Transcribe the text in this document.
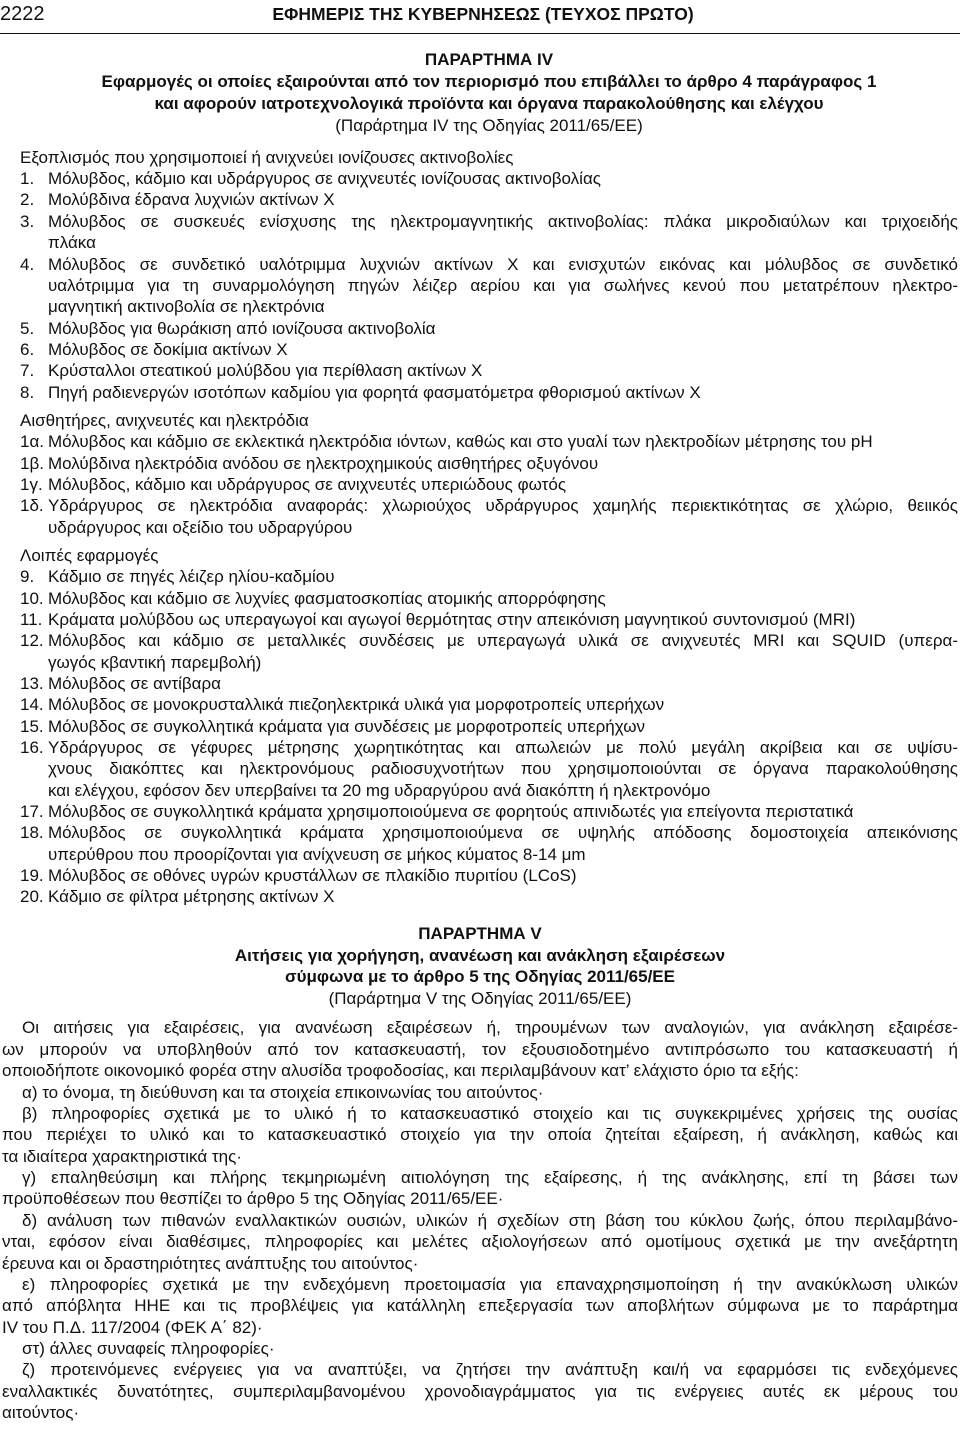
2222	ΕΦΗΜΕΡΙΣ ΤΗΣ ΚΥΒΕΡΝΗΣΕΩΣ (ΤΕΥΧΟΣ ΠΡΩΤΟ)
ΠΑΡΑΡΤΗΜΑ IV
Εφαρμογές οι οποίες εξαιρούνται από τον περιορισμό που επιβάλλει το άρθρο 4 παράγραφος 1
και αφορούν ιατροτεχνολογικά προϊόντα και όργανα παρακολούθησης και ελέγχου
(Παράρτημα IV της Οδηγίας 2011/65/ΕΕ)
Εξοπλισμός που χρησιμοποιεί ή ανιχνεύει ιονίζουσες ακτινοβολίες
1. Μόλυβδος, κάδμιο και υδράργυρος σε ανιχνευτές ιονίζουσας ακτινοβολίας
2. Μολύβδινα έδρανα λυχνιών ακτίνων Χ
3. Μόλυβδος σε συσκευές ενίσχυσης της ηλεκτρομαγνητικής ακτινοβολίας: πλάκα μικροδιαύλων και τριχοειδής
πλάκα
4. Μόλυβδος σε συνδετικό υαλότριμμα λυχνιών ακτίνων Χ και ενισχυτών εικόνας και μόλυβδος σε συνδετικό
υαλότριμμα για τη συναρμολόγηση πηγών λέιζερ αερίου και για σωλήνες κενού που μετατρέπουν ηλεκτρο-
μαγνητική ακτινοβολία σε ηλεκτρόνια
5. Μόλυβδος για θωράκιση από ιονίζουσα ακτινοβολία
6. Μόλυβδος σε δοκίμια ακτίνων Χ
7. Κρύσταλλοι στεατικού μολύβδου για περίθλαση ακτίνων Χ
8. Πηγή ραδιενεργών ισοτόπων καδμίου για φορητά φασματόμετρα φθορισμού ακτίνων Χ
Αισθητήρες, ανιχνευτές και ηλεκτρόδια
1α. Μόλυβδος και κάδμιο σε εκλεκτικά ηλεκτρόδια ιόντων, καθώς και στο γυαλί των ηλεκτροδίων μέτρησης του pH
1β. Μολύβδινα ηλεκτρόδια ανόδου σε ηλεκτροχημικούς αισθητήρες οξυγόνου
1γ. Μόλυβδος, κάδμιο και υδράργυρος σε ανιχνευτές υπεριώδους φωτός
1δ. Υδράργυρος σε ηλεκτρόδια αναφοράς: χλωριούχος υδράργυρος χαμηλής περιεκτικότητας σε χλώριο, θειικός
υδράργυρος και οξείδιο του υδραργύρου
Λοιπές εφαρμογές
9. Κάδμιο σε πηγές λέιζερ ηλίου-καδμίου
10. Μόλυβδος και κάδμιο σε λυχνίες φασματοσκοπίας ατομικής απορρόφησης
11. Κράματα μολύβδου ως υπεραγωγοί και αγωγοί θερμότητας στην απεικόνιση μαγνητικού συντονισμού (MRI)
12. Μόλυβδος και κάδμιο σε μεταλλικές συνδέσεις με υπεραγωγά υλικά σε ανιχνευτές MRI και SQUID (υπερα-
γωγός κβαντική παρεμβολή)
13. Μόλυβδος σε αντίβαρα
14. Μόλυβδος σε μονοκρυσταλλικά πιεζοηλεκτρικά υλικά για μορφοτροπείς υπερήχων
15. Μόλυβδος σε συγκολλητικά κράματα για συνδέσεις με μορφοτροπείς υπερήχων
16. Υδράργυρος σε γέφυρες μέτρησης χωρητικότητας και απωλειών με πολύ μεγάλη ακρίβεια και σε υψίσυ-
χνους διακόπτες και ηλεκτρονόμους ραδιοσυχνοτήτων που χρησιμοποιούνται σε όργανα παρακολούθησης
και ελέγχου, εφόσον δεν υπερβαίνει τα 20 mg υδραργύρου ανά διακόπτη ή ηλεκτρονόμο
17. Μόλυβδος σε συγκολλητικά κράματα χρησιμοποιούμενα σε φορητούς απινιδωτές για επείγοντα περιστατικά
18. Μόλυβδος σε συγκολλητικά κράματα χρησιμοποιούμενα σε υψηλής απόδοσης δομοστοιχεία απεικόνισης
υπερύθρου που προορίζονται για ανίχνευση σε μήκος κύματος 8-14 μm
19. Μόλυβδος σε οθόνες υγρών κρυστάλλων σε πλακίδιο πυριτίου (LCoS)
20. Κάδμιο σε φίλτρα μέτρησης ακτίνων Χ
ΠΑΡΑΡΤΗΜΑ V
Αιτήσεις για χορήγηση, ανανέωση και ανάκληση εξαιρέσεων
σύμφωνα με το άρθρο 5 της Οδηγίας 2011/65/ΕΕ
(Παράρτημα V της Οδηγίας 2011/65/ΕΕ)
Οι αιτήσεις για εξαιρέσεις, για ανανέωση εξαιρέσεων ή, τηρουμένων των αναλογιών, για ανάκληση εξαιρέσε-
ων μπορούν να υποβληθούν από τον κατασκευαστή, τον εξουσιοδοτημένο αντιπρόσωπο του κατασκευαστή ή
οποιοδήποτε οικονομικό φορέα στην αλυσίδα τροφοδοσίας, και περιλαμβάνουν κατ’ ελάχιστο όριο τα εξής:
α) το όνομα, τη διεύθυνση και τα στοιχεία επικοινωνίας του αιτούντος·
β) πληροφορίες σχετικά με το υλικό ή το κατασκευαστικό στοιχείο και τις συγκεκριμένες χρήσεις της ουσίας
που περιέχει το υλικό και το κατασκευαστικό στοιχείο για την οποία ζητείται εξαίρεση, ή ανάκληση, καθώς και
τα ιδιαίτερα χαρακτηριστικά της·
γ) επαληθεύσιμη και πλήρης τεκμηριωμένη αιτιολόγηση της εξαίρεσης, ή της ανάκλησης, επί τη βάσει των
προϋποθέσεων που θεσπίζει το άρθρο 5 της Οδηγίας 2011/65/ΕΕ·
δ) ανάλυση των πιθανών εναλλακτικών ουσιών, υλικών ή σχεδίων στη βάση του κύκλου ζωής, όπου περιλαμβάνο-
νται, εφόσον είναι διαθέσιμες, πληροφορίες και μελέτες αξιολογήσεων από ομοτίμους σχετικά με την ανεξάρτητη
έρευνα και οι δραστηριότητες ανάπτυξης του αιτούντος·
ε) πληροφορίες σχετικά με την ενδεχόμενη προετοιμασία για επαναχρησιμοποίηση ή την ανακύκλωση υλικών
από απόβλητα ΗΗΕ και τις προβλέψεις για κατάλληλη επεξεργασία των αποβλήτων σύμφωνα με το παράρτημα
IV του Π.Δ. 117/2004 (ΦΕΚ Α΄ 82)·
στ) άλλες συναφείς πληροφορίες·
ζ) προτεινόμενες ενέργειες για να αναπτύξει, να ζητήσει την ανάπτυξη και/ή να εφαρμόσει τις ενδεχόμενες
εναλλακτικές δυνατότητες, συμπεριλαμβανομένου χρονοδιαγράμματος για τις ενέργειες αυτές εκ μέρους του
αιτούντος·
